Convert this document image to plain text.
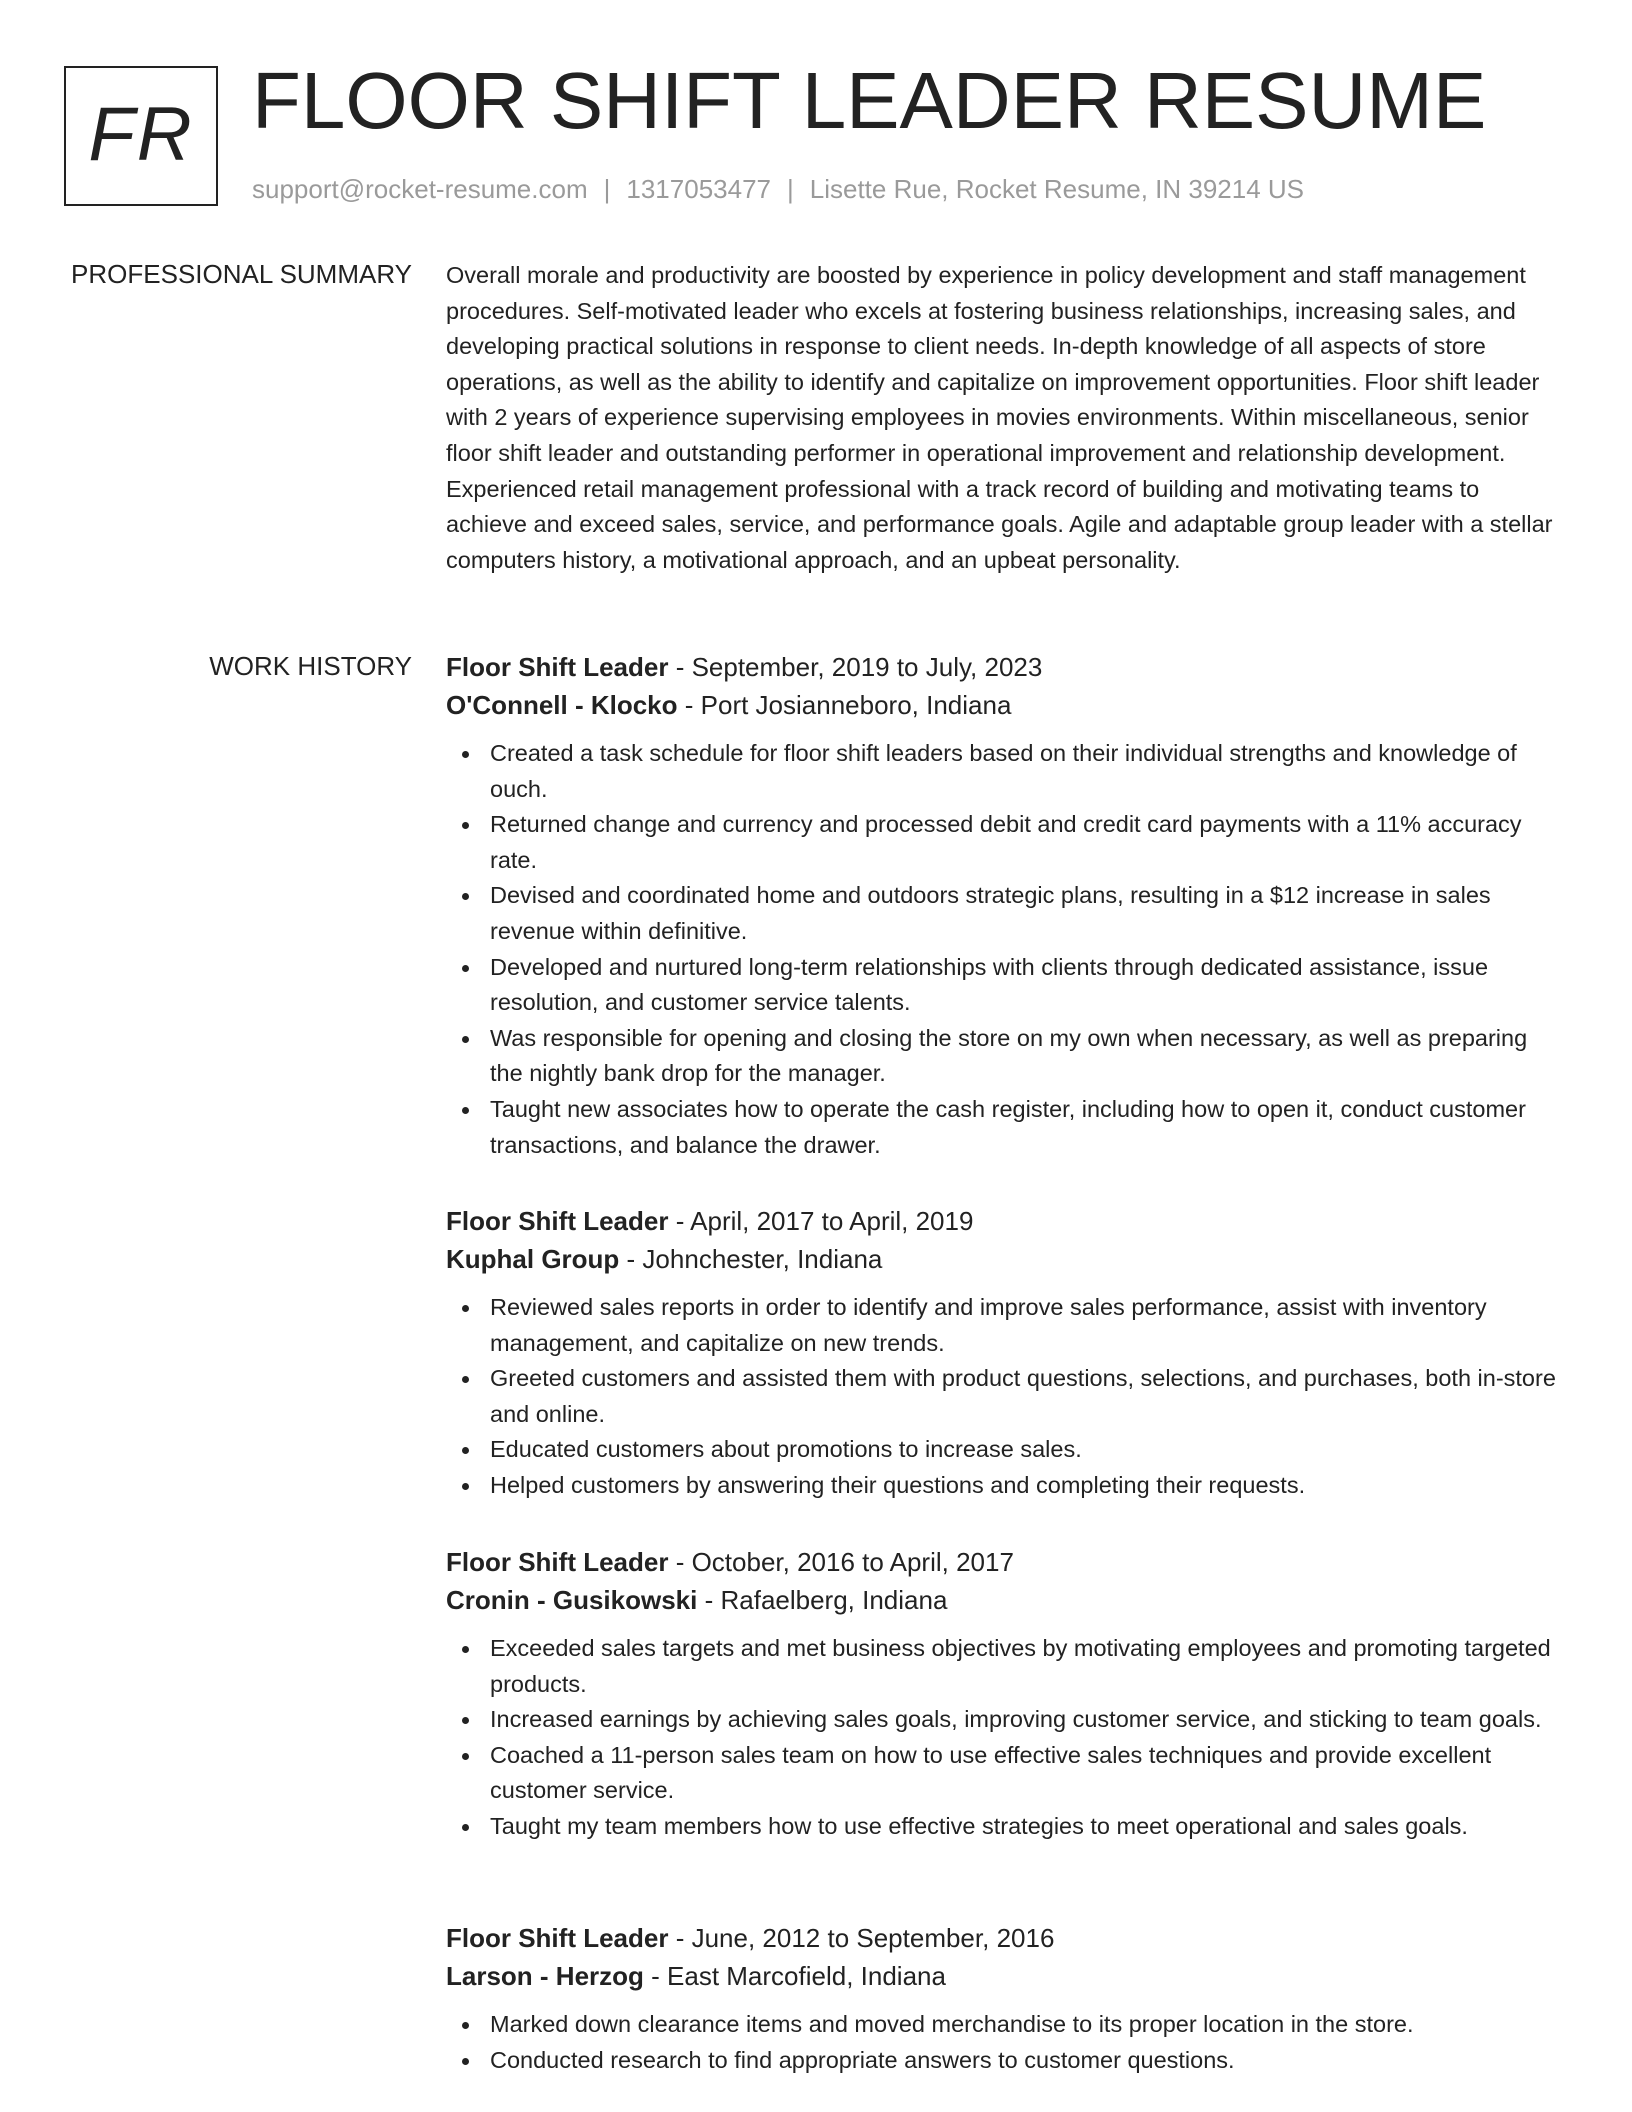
FR FLOOR SHIFT LEADER RESUME
support@rocket-resume.com | 1317053477 | Lisette Rue, Rocket Resume, IN 39214 US
PROFESSIONAL SUMMARY Overall morale and productivity are boosted by experience in policy development and staff management procedures. Self-motivated leader who excels at fostering business relationships, increasing sales, and developing practical solutions in response to client needs. In-depth knowledge of all aspects of store operations, as well as the ability to identify and capitalize on improvement opportunities. Floor shift leader with 2 years of experience supervising employees in movies environments. Within miscellaneous, senior floor shift leader and outstanding performer in operational improvement and relationship development. Experienced retail management professional with a track record of building and motivating teams to achieve and exceed sales, service, and performance goals. Agile and adaptable group leader with a stellar computers history, a motivational approach, and an upbeat personality.

WORK HISTORY Floor Shift Leader - September, 2019 to July, 2023
O'Connell - Klocko - Port Josianneboro, Indiana
Created a task schedule for floor shift leaders based on their individual strengths and knowledge of ouch.
Returned change and currency and processed debit and credit card payments with a 11% accuracy rate.
Devised and coordinated home and outdoors strategic plans, resulting in a $12 increase in sales revenue within definitive.
Developed and nurtured long-term relationships with clients through dedicated assistance, issue resolution, and customer service talents.
Was responsible for opening and closing the store on my own when necessary, as well as preparing the nightly bank drop for the manager.
Taught new associates how to operate the cash register, including how to open it, conduct customer transactions, and balance the drawer.
Floor Shift Leader - April, 2017 to April, 2019
Kuphal Group - Johnchester, Indiana
Reviewed sales reports in order to identify and improve sales performance, assist with inventory management, and capitalize on new trends.
Greeted customers and assisted them with product questions, selections, and purchases, both in-store and online.
Educated customers about promotions to increase sales.
Helped customers by answering their questions and completing their requests.
Floor Shift Leader - October, 2016 to April, 2017
Cronin - Gusikowski - Rafaelberg, Indiana
Exceeded sales targets and met business objectives by motivating employees and promoting targeted products.
Increased earnings by achieving sales goals, improving customer service, and sticking to team goals.
Coached a 11-person sales team on how to use effective sales techniques and provide excellent customer service.
Taught my team members how to use effective strategies to meet operational and sales goals.
Floor Shift Leader - June, 2012 to September, 2016
Larson - Herzog - East Marcofield, Indiana
Marked down clearance items and moved merchandise to its proper location in the store.
Conducted research to find appropriate answers to customer questions.
